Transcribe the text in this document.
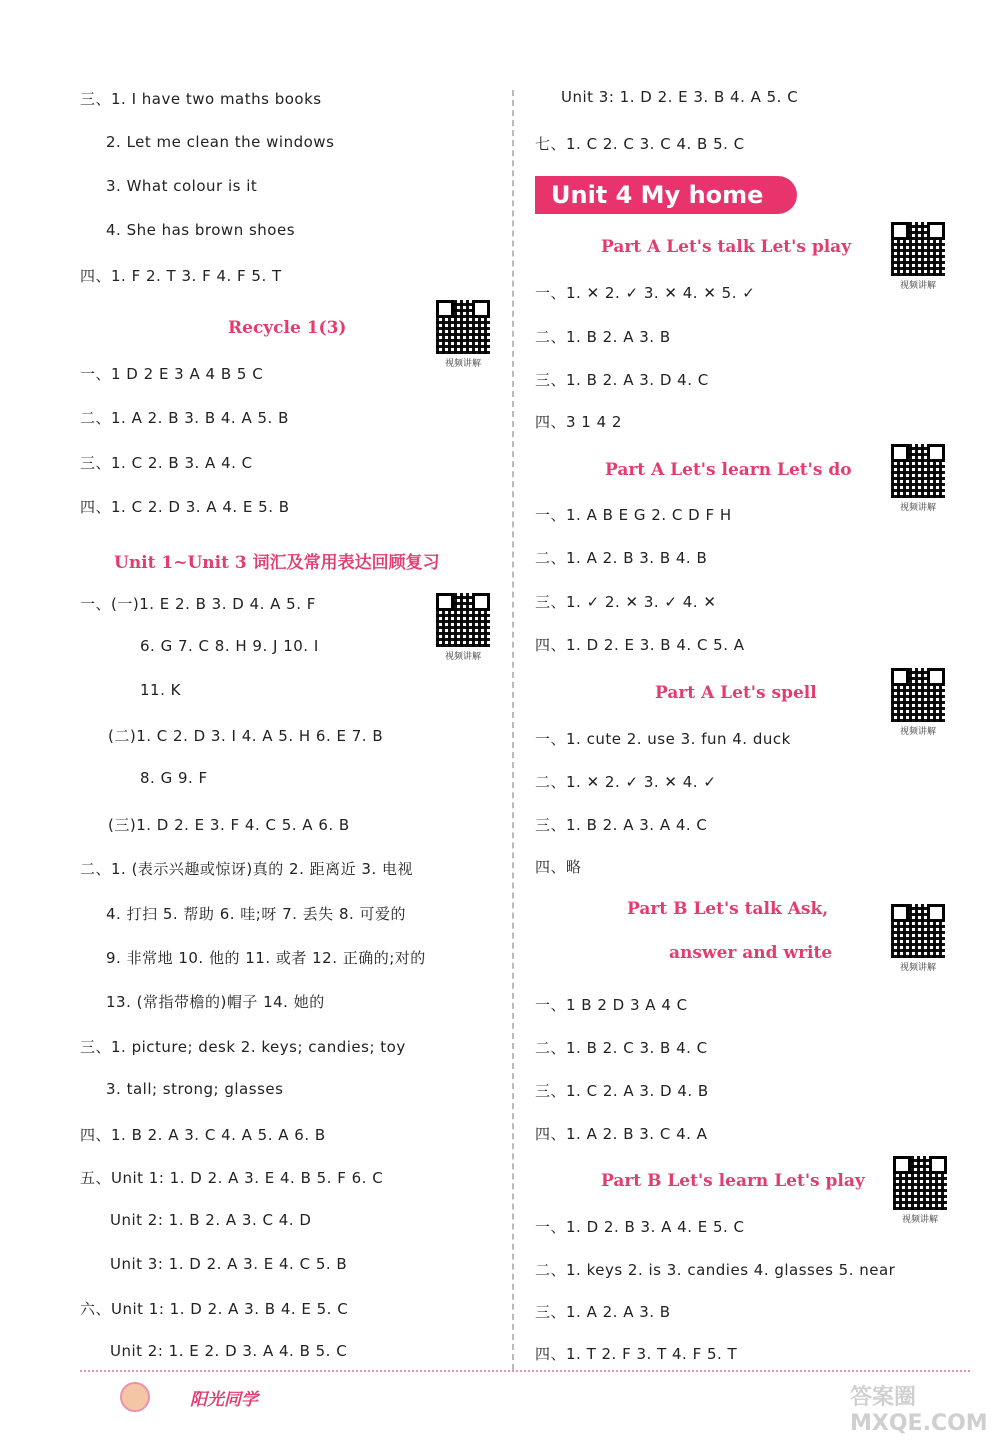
三、1. I have two maths books
2. Let me clean the windows
3. What colour is it
4. She has brown shoes
四、1. F 2. T 3. F 4. F 5. T
Recycle 1(3)
视频讲解
一、1 D 2 E 3 A 4 B 5 C
二、1. A 2. B 3. B 4. A 5. B
三、1. C 2. B 3. A 4. C
四、1. C 2. D 3. A 4. E 5. B
Unit 1~Unit 3 词汇及常用表达回顾复习
一、(一)1. E 2. B 3. D 4. A 5. F
视频讲解
6. G 7. C 8. H 9. J 10. I
11. K
(二)1. C 2. D 3. I 4. A 5. H 6. E 7. B
8. G 9. F
(三)1. D 2. E 3. F 4. C 5. A 6. B
二、1. (表示兴趣或惊讶)真的 2. 距离近 3. 电视
4. 打扫 5. 帮助 6. 哇;呀 7. 丢失 8. 可爱的
9. 非常地 10. 他的 11. 或者 12. 正确的;对的
13. (常指带檐的)帽子 14. 她的
三、1. picture; desk 2. keys; candies; toy
3. tall; strong; glasses
四、1. B 2. A 3. C 4. A 5. A 6. B
五、Unit 1: 1. D 2. A 3. E 4. B 5. F 6. C
Unit 2: 1. B 2. A 3. C 4. D
Unit 3: 1. D 2. A 3. E 4. C 5. B
六、Unit 1: 1. D 2. A 3. B 4. E 5. C
Unit 2: 1. E 2. D 3. A 4. B 5. C
Unit 3: 1. D 2. E 3. B 4. A 5. C
七、1. C 2. C 3. C 4. B 5. C
Unit 4 My home
Part A Let's talk Let's play
视频讲解
一、1. ✕ 2. ✓ 3. ✕ 4. ✕ 5. ✓
二、1. B 2. A 3. B
三、1. B 2. A 3. D 4. C
四、3 1 4 2
Part A Let's learn Let's do
视频讲解
一、1. A B E G 2. C D F H
二、1. A 2. B 3. B 4. B
三、1. ✓ 2. ✕ 3. ✓ 4. ✕
四、1. D 2. E 3. B 4. C 5. A
Part A Let's spell
视频讲解
一、1. cute 2. use 3. fun 4. duck
二、1. ✕ 2. ✓ 3. ✕ 4. ✓
三、1. B 2. A 3. A 4. C
四、略
Part B Let's talk Ask,
answer and write
视频讲解
一、1 B 2 D 3 A 4 C
二、1. B 2. C 3. B 4. C
三、1. C 2. A 3. D 4. B
四、1. A 2. B 3. C 4. A
Part B Let's learn Let's play
视频讲解
一、1. D 2. B 3. A 4. E 5. C
二、1. keys 2. is 3. candies 4. glasses 5. near
三、1. A 2. A 3. B
四、1. T 2. F 3. T 4. F 5. T
阳光同学	答案圈 MXQE.COM
